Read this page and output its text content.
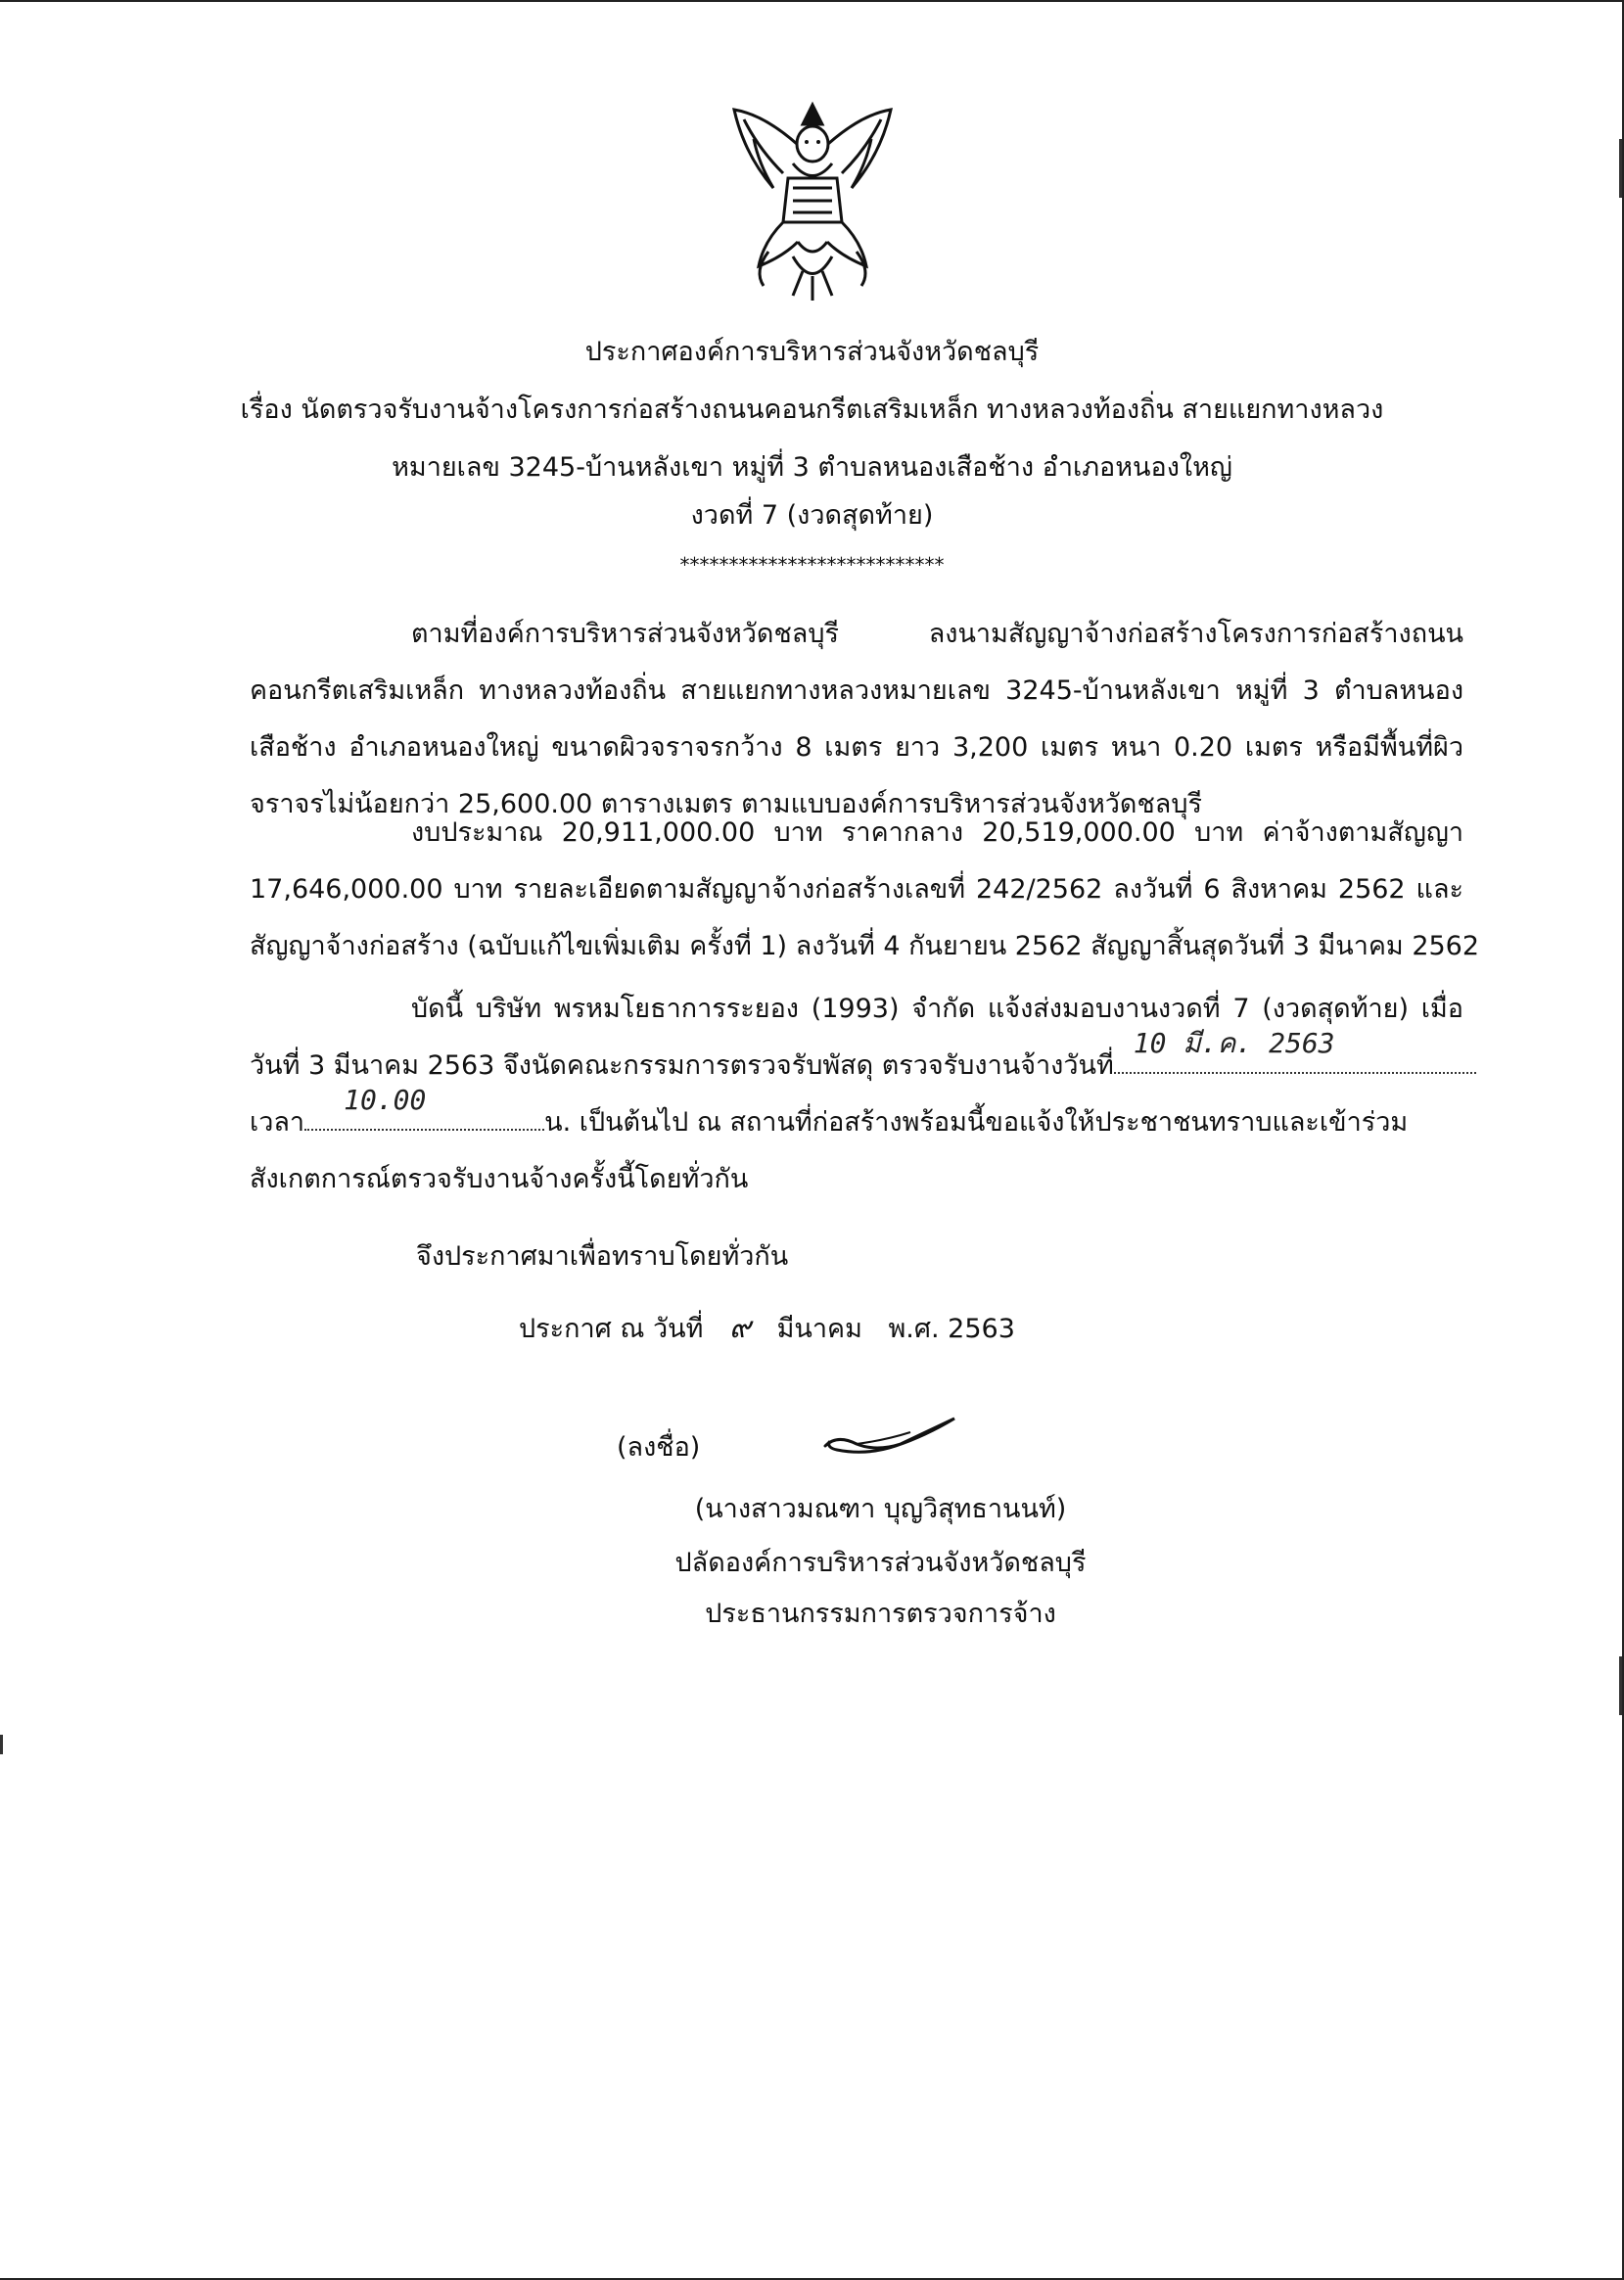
ประกาศองค์การบริหารส่วนจังหวัดชลบุรี
เรื่อง นัดตรวจรับงานจ้างโครงการก่อสร้างถนนคอนกรีตเสริมเหล็ก ทางหลวงท้องถิ่น สายแยกทางหลวง
หมายเลข 3245-บ้านหลังเขา หมู่ที่ 3 ตำบลหนองเสือช้าง อำเภอหนองใหญ่
งวดที่ 7 (งวดสุดท้าย)
***************************
ตามที่องค์การบริหารส่วนจังหวัดชลบุรี ลงนามสัญญาจ้างก่อสร้างโครงการก่อสร้างถนน
คอนกรีตเสริมเหล็ก ทางหลวงท้องถิ่น สายแยกทางหลวงหมายเลข 3245-บ้านหลังเขา หมู่ที่ 3 ตำบลหนอง
เสือช้าง อำเภอหนองใหญ่ ขนาดผิวจราจรกว้าง 8 เมตร ยาว 3,200 เมตร หนา 0.20 เมตร หรือมีพื้นที่ผิว
จราจรไม่น้อยกว่า 25,600.00 ตารางเมตร ตามแบบองค์การบริหารส่วนจังหวัดชลบุรี
งบประมาณ 20,911,000.00 บาท ราคากลาง 20,519,000.00 บาท ค่าจ้างตามสัญญา
17,646,000.00 บาท รายละเอียดตามสัญญาจ้างก่อสร้างเลขที่ 242/2562 ลงวันที่ 6 สิงหาคม 2562 และ
สัญญาจ้างก่อสร้าง (ฉบับแก้ไขเพิ่มเติม ครั้งที่ 1) ลงวันที่ 4 กันยายน 2562 สัญญาสิ้นสุดวันที่ 3 มีนาคม 2562
บัดนี้ บริษัท พรหมโยธาการระยอง (1993) จำกัด แจ้งส่งมอบงานงวดที่ 7 (งวดสุดท้าย) เมื่อ
วันที่ 3 มีนาคม 2563 จึงนัดคณะกรรมการตรวจรับพัสดุ ตรวจรับงานจ้างวันที่
10 มี.ค. 2563
เวลา
10.00
น. เป็นต้นไป ณ สถานที่ก่อสร้างพร้อมนี้ขอแจ้งให้ประชาชนทราบและเข้าร่วม
สังเกตการณ์ตรวจรับงานจ้างครั้งนี้โดยทั่วกัน
จึงประกาศมาเพื่อทราบโดยทั่วกัน
ประกาศ ณ วันที่ ๙ มีนาคม พ.ศ. 2563
(ลงชื่อ)
(นางสาวมณฑา บุญวิสุทธานนท์)
ปลัดองค์การบริหารส่วนจังหวัดชลบุรี
ประธานกรรมการตรวจการจ้าง
